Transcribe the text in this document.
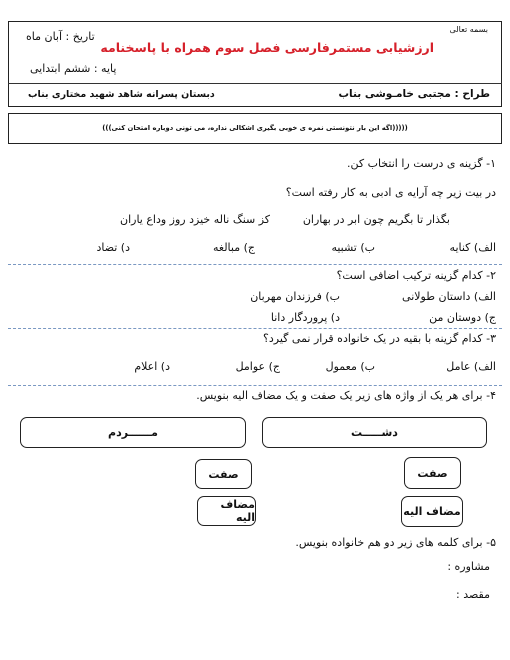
بسمه تعالی
ارزشیابی مستمرفارسی فصل سوم همراه با پاسخنامه
تاریخ : آبان ماه
پایه : ششم ابتدایی
دبستان پسرانه شاهد شهید مختاری بناب	طراح : مجتبی خامـوشی بناب
(((((اگه این بار نتونستی نمره ی خوبی بگیری اشکالی نداره، می تونی دوباره امتحان کنی)))
۱- گزینه ی درست را انتخاب کن.
در بیت زیر چه آرایه ی ادبی به کار رفته است؟
بگذار تا بگریم چون ابر در بهاران
کز سنگ ناله خیزد روز وداع یاران
الف) کنایه
ب) تشبیه
ج) مبالغه
د) تضاد
۲- کدام گزینه ترکیب اضافی است؟
الف) داستان طولانی
ب) فرزندان مهربان
ج) دوستان من
د) پروردگار دانا
۳- کدام گزینه با بقیه در یک خانواده قرار نمی گیرد؟
الف) عامل
ب) معمول
ج) عوامل
د) اعلام
۴- برای هر یک از واژه های زیر یک صفت و یک مضاف الیه بنویس.
دشـــــت
مــــــردم
صفت
مضاف الیه
صفت
مضاف الیه
۵- برای کلمه های زیر دو هم خانواده بنویس.
مشاوره :
مقصد :
